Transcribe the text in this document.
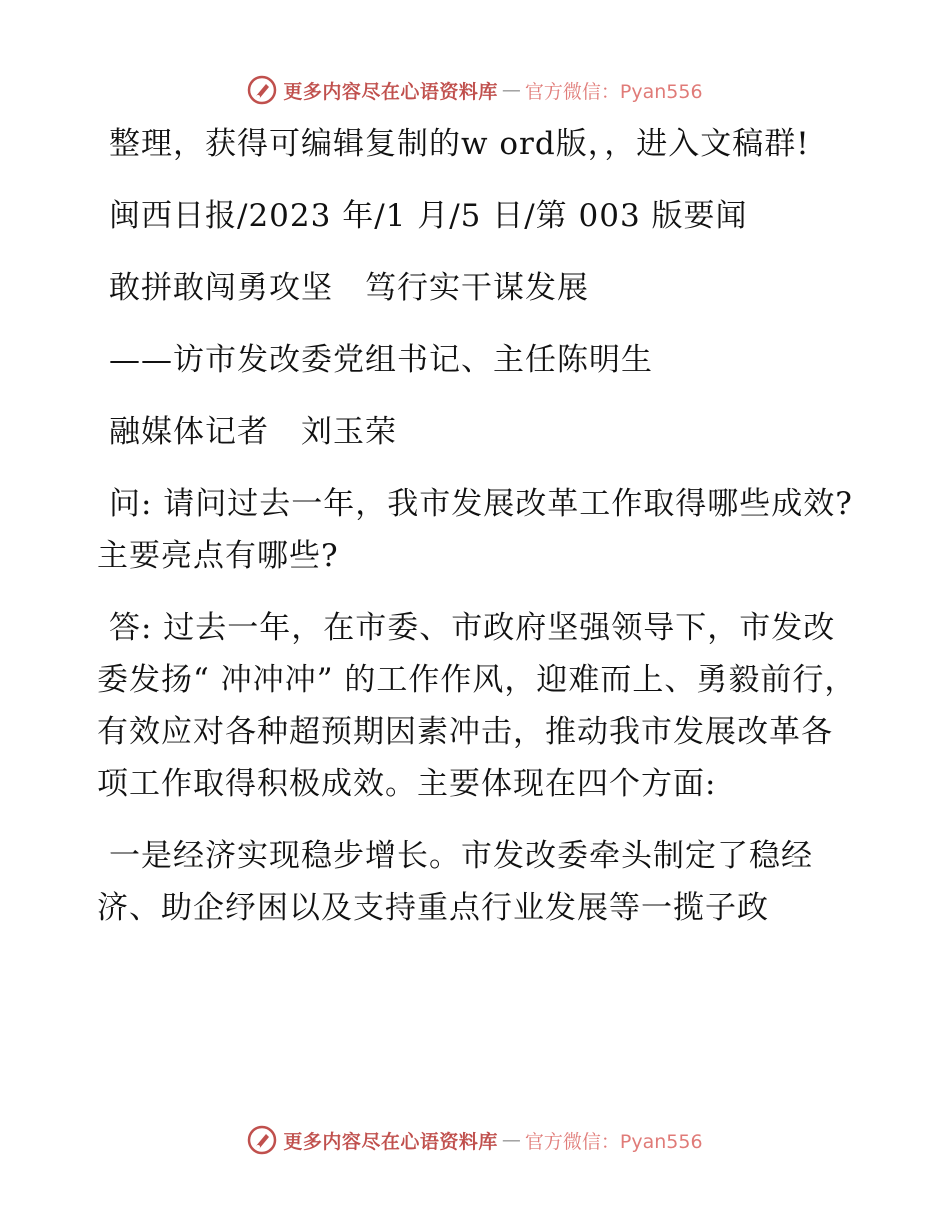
更多内容尽在心语资料库 — 官方微信：Pyan556

整理，获得可编辑复制的w ord版，，进入文稿群!

闽西日报/2023 年/1 月/5 日/第 003 版要闻

敢拼敢闯勇攻坚　笃行实干谋发展

——访市发改委党组书记、主任陈明生

融媒体记者　刘玉荣

问: 请问过去一年，我市发展改革工作取得哪些成效? 主要亮点有哪些?

答: 过去一年，在市委、市政府坚强领导下，市发改委发扬“ 冲冲冲” 的工作作风，迎难而上、勇毅前行，有效应对各种超预期因素冲击，推动我市发展改革各项工作取得积极成效。主要体现在四个方面:

一是经济实现稳步增长。市发改委牵头制定了稳经济、助企纾困以及支持重点行业发展等一揽子政

更多内容尽在心语资料库 — 官方微信：Pyan556
